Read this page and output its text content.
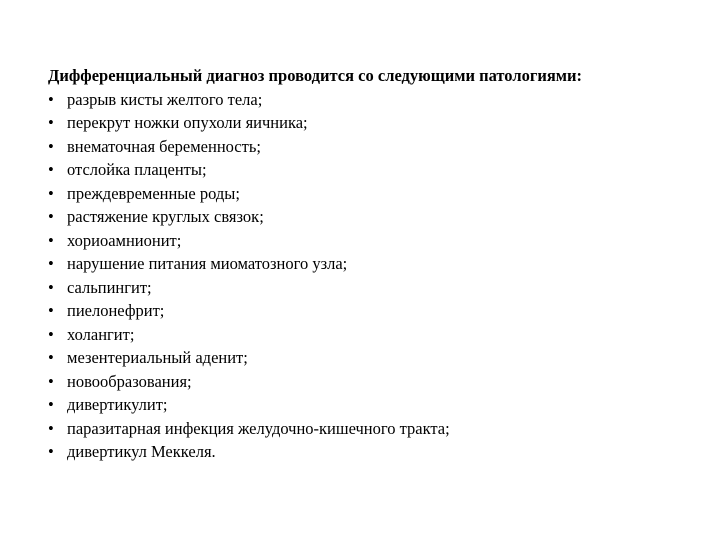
Дифференциальный диагноз проводится со следующими патологиями:

• разрыв кисты желтого тела;
• перекрут ножки опухоли яичника;
• внематочная беременность;
• отслойка плаценты;
• преждевременные роды;
• растяжение круглых связок;
• хориоамнионит;
• нарушение питания миоматозного узла;
• сальпингит;
• пиелонефрит;
• холангит;
• мезентериальный аденит;
• новообразования;
• дивертикулит;
• паразитарная инфекция желудочно-кишечного тракта;
• дивертикул Меккеля.
